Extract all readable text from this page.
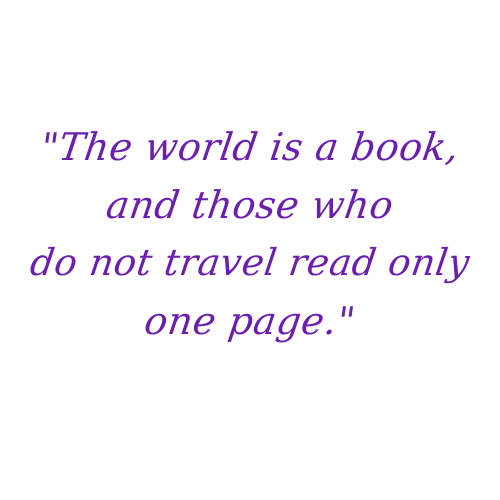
"The world is a book,
and those who
do not travel read only
one page."
